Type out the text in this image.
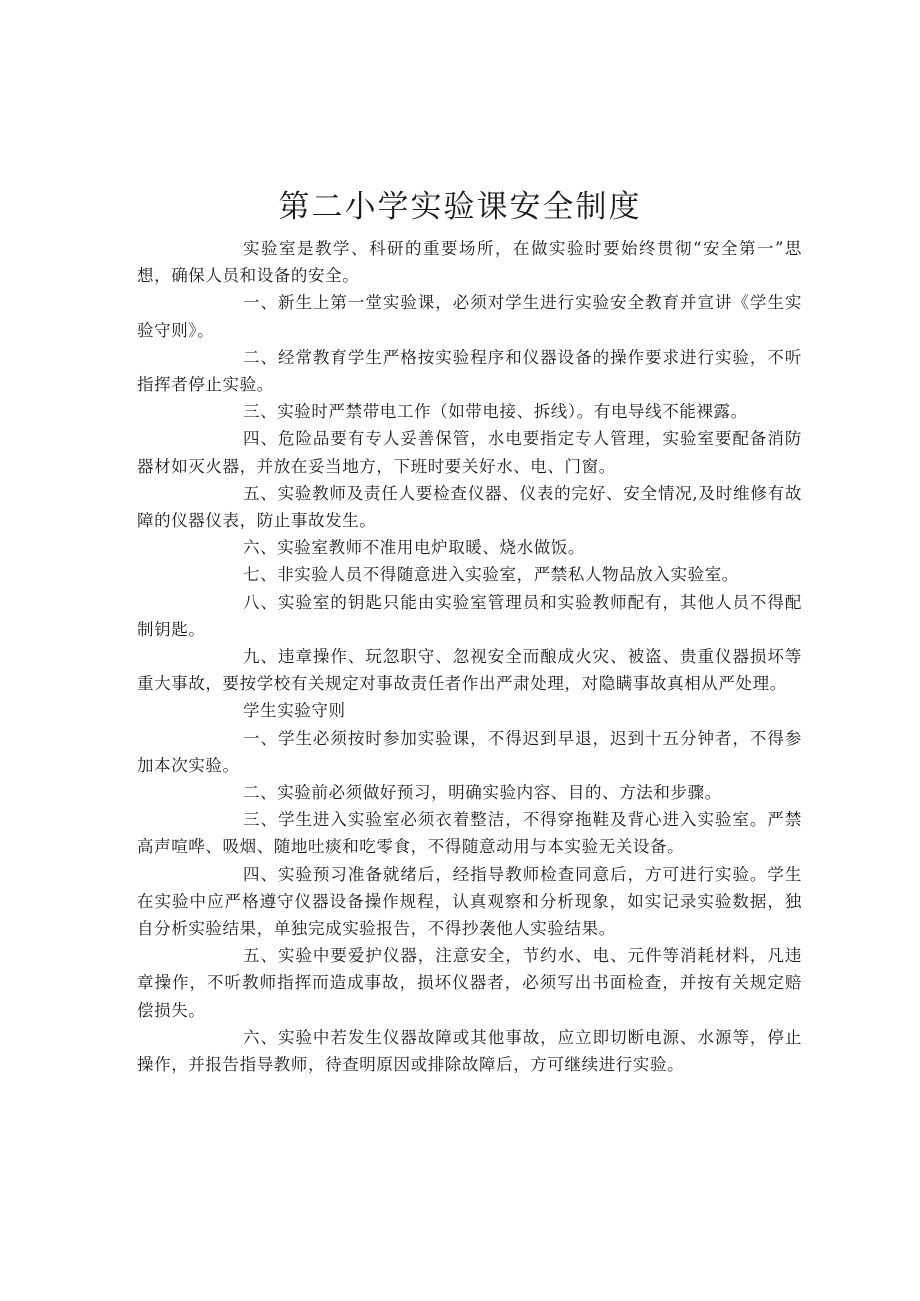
第二小学实验课安全制度

实验室是教学、科研的重要场所，在做实验时要始终贯彻“安全第一”思想，确保人员和设备的安全。

一、新生上第一堂实验课，必须对学生进行实验安全教育并宣讲《学生实验守则》。

二、经常教育学生严格按实验程序和仪器设备的操作要求进行实验，不听指挥者停止实验。

三、实验时严禁带电工作（如带电接、拆线）。有电导线不能裸露。

四、危险品要有专人妥善保管，水电要指定专人管理，实验室要配备消防器材如灭火器，并放在妥当地方，下班时要关好水、电、门窗。

五、实验教师及责任人要检查仪器、仪表的完好、安全情况,及时维修有故障的仪器仪表，防止事故发生。

六、实验室教师不准用电炉取暖、烧水做饭。

七、非实验人员不得随意进入实验室，严禁私人物品放入实验室。

八、实验室的钥匙只能由实验室管理员和实验教师配有，其他人员不得配制钥匙。

九、违章操作、玩忽职守、忽视安全而酿成火灾、被盗、贵重仪器损坏等重大事故，要按学校有关规定对事故责任者作出严肃处理，对隐瞒事故真相从严处理。

学生实验守则

一、学生必须按时参加实验课，不得迟到早退，迟到十五分钟者，不得参加本次实验。

二、实验前必须做好预习，明确实验内容、目的、方法和步骤。

三、学生进入实验室必须衣着整洁，不得穿拖鞋及背心进入实验室。严禁高声喧哗、吸烟、随地吐痰和吃零食，不得随意动用与本实验无关设备。

四、实验预习准备就绪后，经指导教师检查同意后，方可进行实验。学生在实验中应严格遵守仪器设备操作规程，认真观察和分析现象，如实记录实验数据，独自分析实验结果，单独完成实验报告，不得抄袭他人实验结果。

五、实验中要爱护仪器，注意安全，节约水、电、元件等消耗材料，凡违章操作，不听教师指挥而造成事故，损坏仪器者，必须写出书面检查，并按有关规定赔偿损失。

六、实验中若发生仪器故障或其他事故，应立即切断电源、水源等，停止操作，并报告指导教师，待查明原因或排除故障后，方可继续进行实验。
